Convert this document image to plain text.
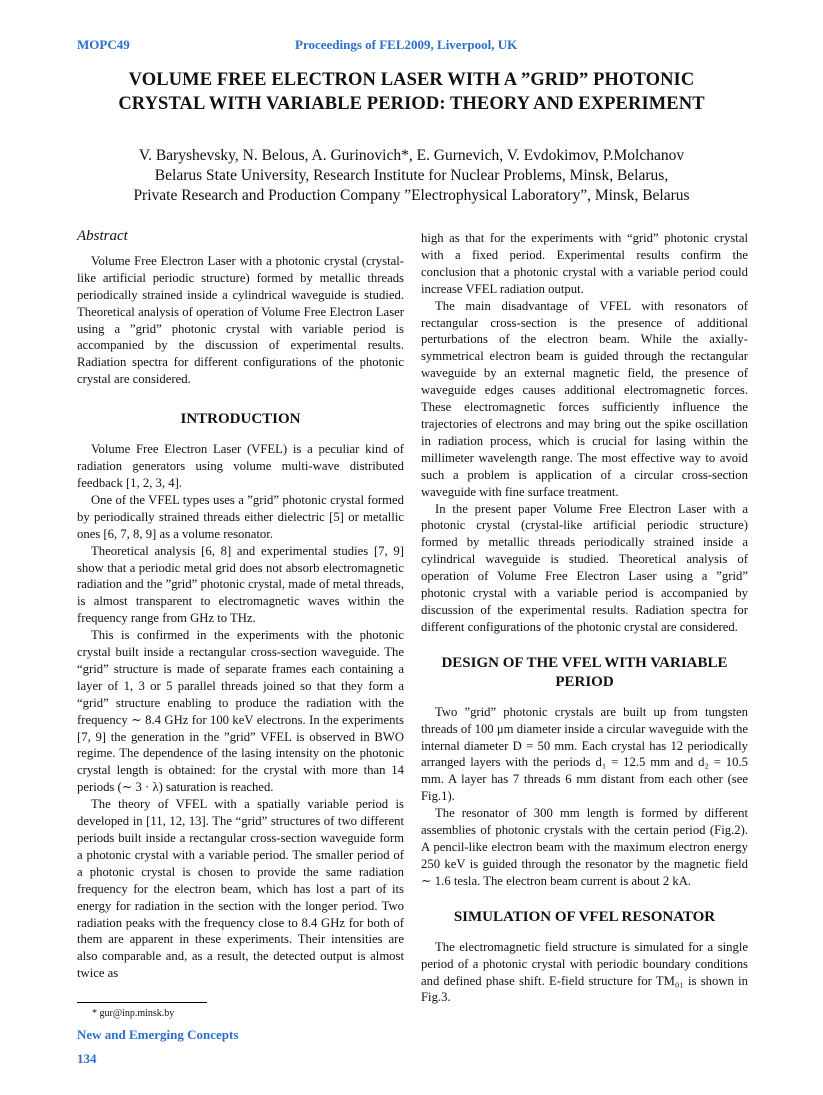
MOPC49	Proceedings of FEL2009, Liverpool, UK
VOLUME FREE ELECTRON LASER WITH A ”GRID” PHOTONIC
CRYSTAL WITH VARIABLE PERIOD: THEORY AND EXPERIMENT
V. Baryshevsky, N. Belous, A. Gurinovich*, E. Gurnevich, V. Evdokimov, P.Molchanov
Belarus State University, Research Institute for Nuclear Problems, Minsk, Belarus,
Private Research and Production Company ”Electrophysical Laboratory”, Minsk, Belarus
Abstract

Volume Free Electron Laser with a photonic crystal (crystal-like artificial periodic structure) formed by metallic threads periodically strained inside a cylindrical waveguide is studied. Theoretical analysis of operation of Volume Free Electron Laser using a ”grid” photonic crystal with variable period is accompanied by the discussion of experimental results. Radiation spectra for different configurations of the photonic crystal are considered.

INTRODUCTION

Volume Free Electron Laser (VFEL) is a peculiar kind of radiation generators using volume multi-wave distributed feedback [1, 2, 3, 4].

One of the VFEL types uses a ”grid” photonic crystal formed by periodically strained threads either dielectric [5] or metallic ones [6, 7, 8, 9] as a volume resonator.

Theoretical analysis [6, 8] and experimental studies [7, 9] show that a periodic metal grid does not absorb electromagnetic radiation and the ”grid” photonic crystal, made of metal threads, is almost transparent to electromagnetic waves within the frequency range from GHz to THz.

This is confirmed in the experiments with the photonic crystal built inside a rectangular cross-section waveguide. The “grid” structure is made of separate frames each containing a layer of 1, 3 or 5 parallel threads joined so that they form a “grid” structure enabling to produce the radiation with the frequency ∼ 8.4 GHz for 100 keV electrons. In the experiments [7, 9] the generation in the ”grid” VFEL is observed in BWO regime. The dependence of the lasing intensity on the photonic crystal length is obtained: for the crystal with more than 14 periods (∼ 3 · λ) saturation is reached.

The theory of VFEL with a spatially variable period is developed in [11, 12, 13]. The “grid” structures of two different periods built inside a rectangular cross-section waveguide form a photonic crystal with a variable period. The smaller period of a photonic crystal is chosen to provide the same radiation frequency for the electron beam, which has lost a part of its energy for radiation in the section with the longer period. Two radiation peaks with the frequency close to 8.4 GHz for both of them are apparent in these experiments. Their intensities are also comparable and, as a result, the detected output is almost twice as

high as that for the experiments with “grid” photonic crystal with a fixed period. Experimental results confirm the conclusion that a photonic crystal with a variable period could increase VFEL radiation output.

The main disadvantage of VFEL with resonators of rectangular cross-section is the presence of additional perturbations of the electron beam. While the axially-symmetrical electron beam is guided through the rectangular waveguide by an external magnetic field, the presence of waveguide edges causes additional electromagnetic forces. These electromagnetic forces sufficiently influence the trajectories of electrons and may bring out the spike oscillation in radiation process, which is crucial for lasing within the millimeter wavelength range. The most effective way to avoid such a problem is application of a circular cross-section waveguide with fine surface treatment.

In the present paper Volume Free Electron Laser with a photonic crystal (crystal-like artificial periodic structure) formed by metallic threads periodically strained inside a cylindrical waveguide is studied. Theoretical analysis of operation of Volume Free Electron Laser using a ”grid” photonic crystal with a variable period is accompanied by discussion of the experimental results. Radiation spectra for different configurations of the photonic crystal are considered.

DESIGN OF THE VFEL WITH VARIABLE PERIOD

Two ”grid” photonic crystals are built up from tungsten threads of 100 μm diameter inside a circular waveguide with the internal diameter D = 50 mm. Each crystal has 12 periodically arranged layers with the periods d₁ = 12.5 mm and d₂ = 10.5 mm. A layer has 7 threads 6 mm distant from each other (see Fig.1).

The resonator of 300 mm length is formed by different assemblies of photonic crystals with the certain period (Fig.2). A pencil-like electron beam with the maximum electron energy 250 keV is guided through the resonator by the magnetic field ∼ 1.6 tesla. The electron beam current is about 2 kA.

SIMULATION OF VFEL RESONATOR

The electromagnetic field structure is simulated for a single period of a photonic crystal with periodic boundary conditions and defined phase shift. E-field structure for TM₀₁ is shown in Fig.3.

* gur@inp.minsk.by
New and Emerging Concepts
134
